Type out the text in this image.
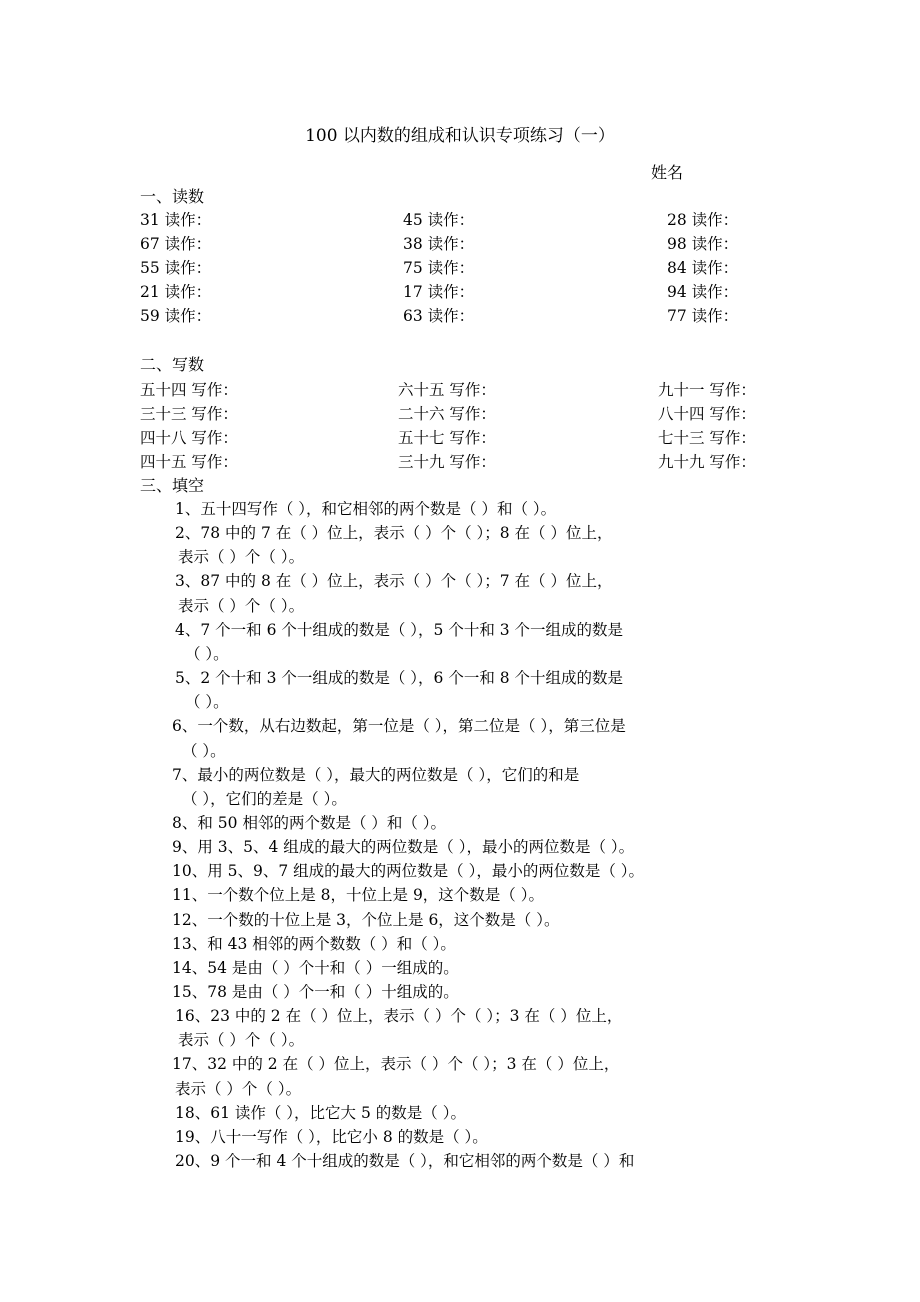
100 以内数的组成和认识专项练习（一）
姓名
一、读数
31 读作：	45 读作：	28 读作：
67 读作：	38 读作：	98 读作：
55 读作：	75 读作：	84 读作：
21 读作：	17 读作：	94 读作：
59 读作：	63 读作：	77 读作：
二、写数
五十四 写作：	六十五 写作：	九十一 写作：
三十三 写作：	二十六 写作：	八十四 写作：
四十八 写作：	五十七 写作：	七十三 写作：
四十五 写作：	三十九 写作：	九十九 写作：
三、填空
1、五十四写作（ ），和它相邻的两个数是（ ）和（ ）。
2、78 中的 7 在（ ）位上，表示（ ）个（ ）；8 在（ ）位上，
表示（ ）个（ ）。
3、87 中的 8 在（ ）位上，表示（ ）个（ ）；7 在（ ）位上，
表示（ ）个（ ）。
4、7 个一和 6 个十组成的数是（ ），5 个十和 3 个一组成的数是
（ ）。
5、2 个十和 3 个一组成的数是（ ），6 个一和 8 个十组成的数是
（ ）。
6、一个数，从右边数起，第一位是（ ），第二位是（ ），第三位是
（ ）。
7、最小的两位数是（ ），最大的两位数是（ ），它们的和是
（ ），它们的差是（ ）。
8、和 50 相邻的两个数是（ ）和（ ）。
9、用 3、5、4 组成的最大的两位数是（ ），最小的两位数是（ ）。
10、用 5、9、7 组成的最大的两位数是（ ），最小的两位数是（ ）。
11、一个数个位上是 8，十位上是 9，这个数是（ ）。
12、一个数的十位上是 3，个位上是 6，这个数是（ ）。
13、和 43 相邻的两个数数（ ）和（ ）。
14、54 是由（ ）个十和（ ）一组成的。
15、78 是由（ ）个一和（ ）十组成的。
16、23 中的 2 在（ ）位上，表示（ ）个（ ）；3 在（ ）位上，
表示（ ）个（ ）。
17、32 中的 2 在（ ）位上，表示（ ）个（ ）；3 在（ ）位上，
表示（ ）个（ ）。
18、61 读作（ ），比它大 5 的数是（ ）。
19、八十一写作（ ），比它小 8 的数是（ ）。
20、9 个一和 4 个十组成的数是（ ），和它相邻的两个数是（ ）和
